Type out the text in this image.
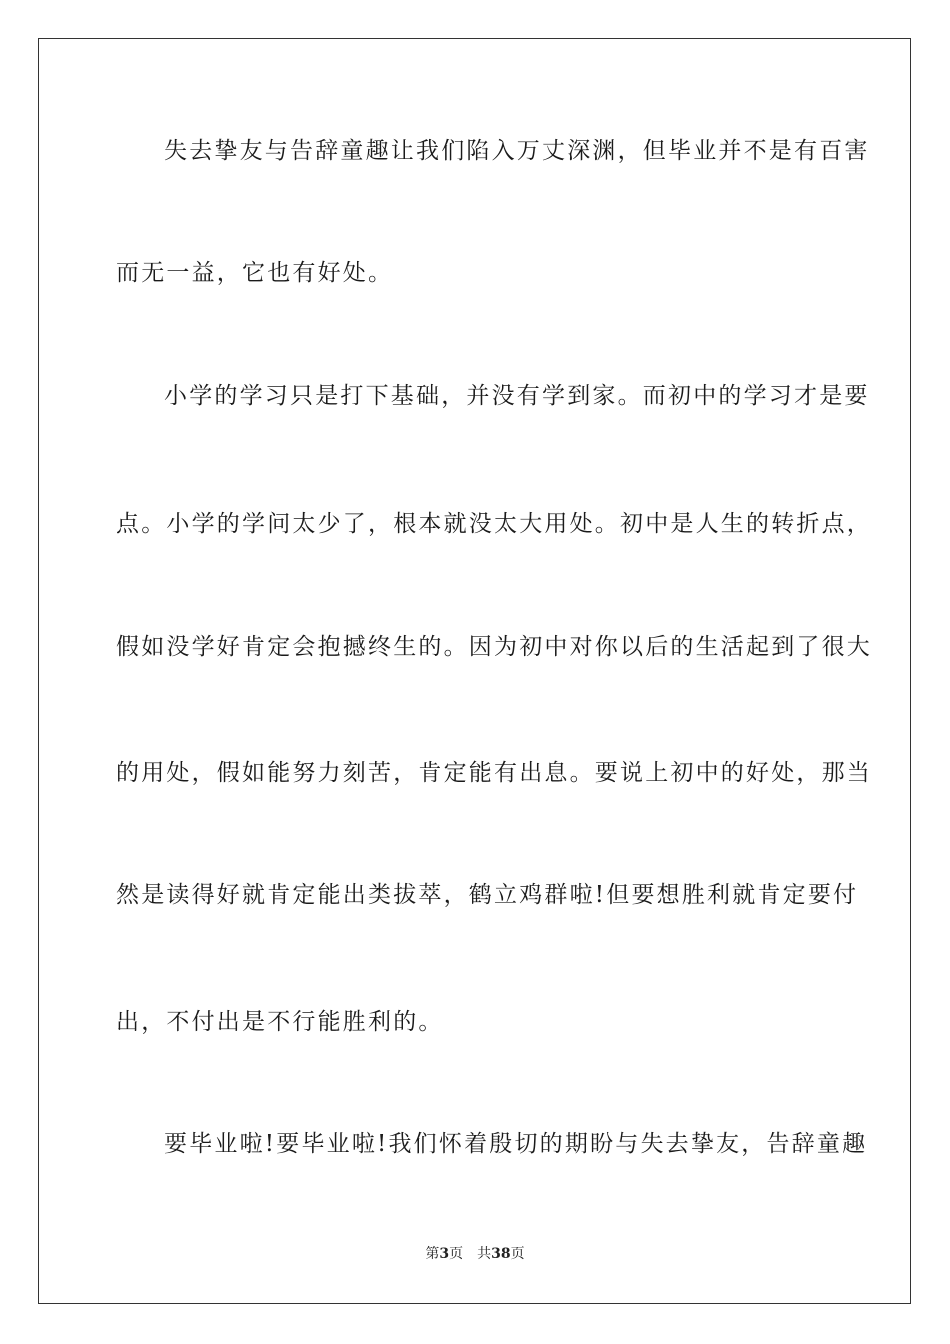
失去挚友与告辞童趣让我们陷入万丈深渊，但毕业并不是有百害
而无一益，它也有好处。
小学的学习只是打下基础，并没有学到家。而初中的学习才是要
点。小学的学问太少了，根本就没太大用处。初中是人生的转折点，
假如没学好肯定会抱撼终生的。因为初中对你以后的生活起到了很大
的用处，假如能努力刻苦，肯定能有出息。要说上初中的好处，那当
然是读得好就肯定能出类拔萃，鹤立鸡群啦!但要想胜利就肯定要付
出，不付出是不行能胜利的。
要毕业啦!要毕业啦!我们怀着殷切的期盼与失去挚友，告辞童趣
第3页 共38页
